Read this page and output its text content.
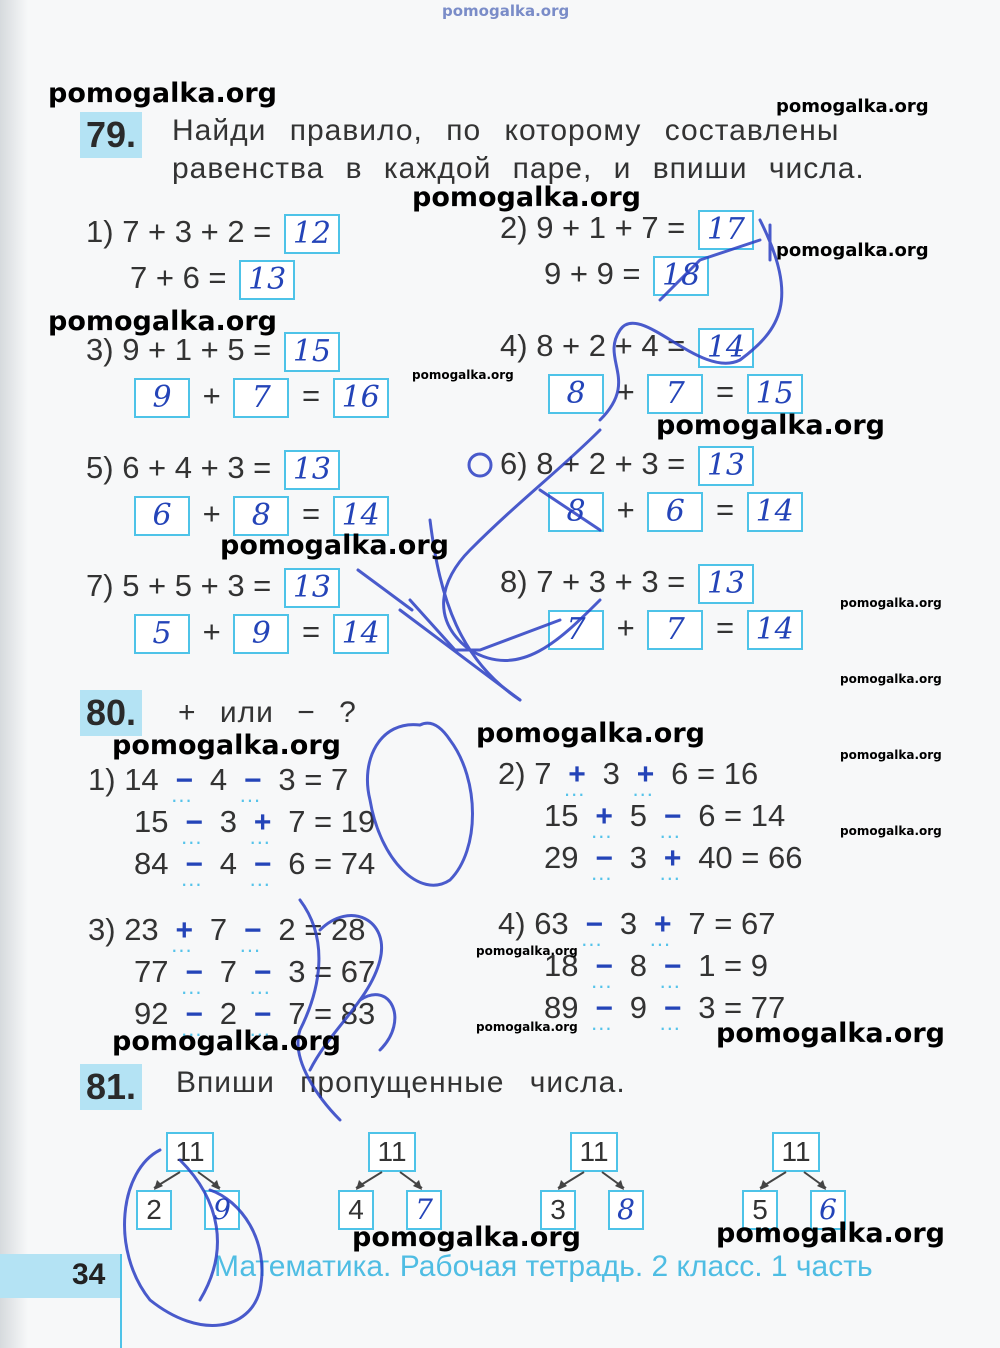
pomogalka.org
79. Найди правило, по которому составлены
равенства в каждой паре, и впиши числа.
1) 7 + 3 + 2 = 12
7 + 6 = 13
2) 9 + 1 + 7 = 17
9 + 9 = 18
3) 9 + 1 + 5 = 15
9 + 7 = 16
4) 8 + 2 + 4 = 14
8 + 7 = 15
5) 6 + 4 + 3 = 13
6 + 8 = 14
6) 8 + 2 + 3 = 13
8 + 6 = 14
7) 5 + 5 + 3 = 13
5 + 9 = 14
8) 7 + 3 + 3 = 13
7 + 7 = 14
80. + или − ?
1) 14 − ... 4 − ... 3 = 7
15 − ... 3 + ... 7 = 19
84 − ... 4 − ... 6 = 74
2) 7 + ... 3 + ... 6 = 16
15 + ... 5 − ... 6 = 14
29 − ... 3 + ... 40 = 66
3) 23 + ... 7 − ... 2 = 28
77 − ... 7 − ... 3 = 67
92 − ... 2 − ... 7 = 83
4) 63 − ... 3 + ... 7 = 67
18 − ... 8 − ... 1 = 9
89 − ... 9 − ... 3 = 77
81. Впиши пропущенные числа.
11
2	9
11
4	7
11
3	8
11
5	6
34	Математика. Рабочая тетрадь. 2 класс. 1 часть
pomogalka.org	pomogalka.org
pomogalka.org
pomogalka.org
pomogalka.org
pomogalka.org
pomogalka.org
pomogalka.org
pomogalka.org
pomogalka.org
pomogalka.org
pomogalka.org	pomogalka.org
pomogalka.org
pomogalka.org
pomogalka.org	pomogalka.org
pomogalka.org
pomogalka.org	pomogalka.org
